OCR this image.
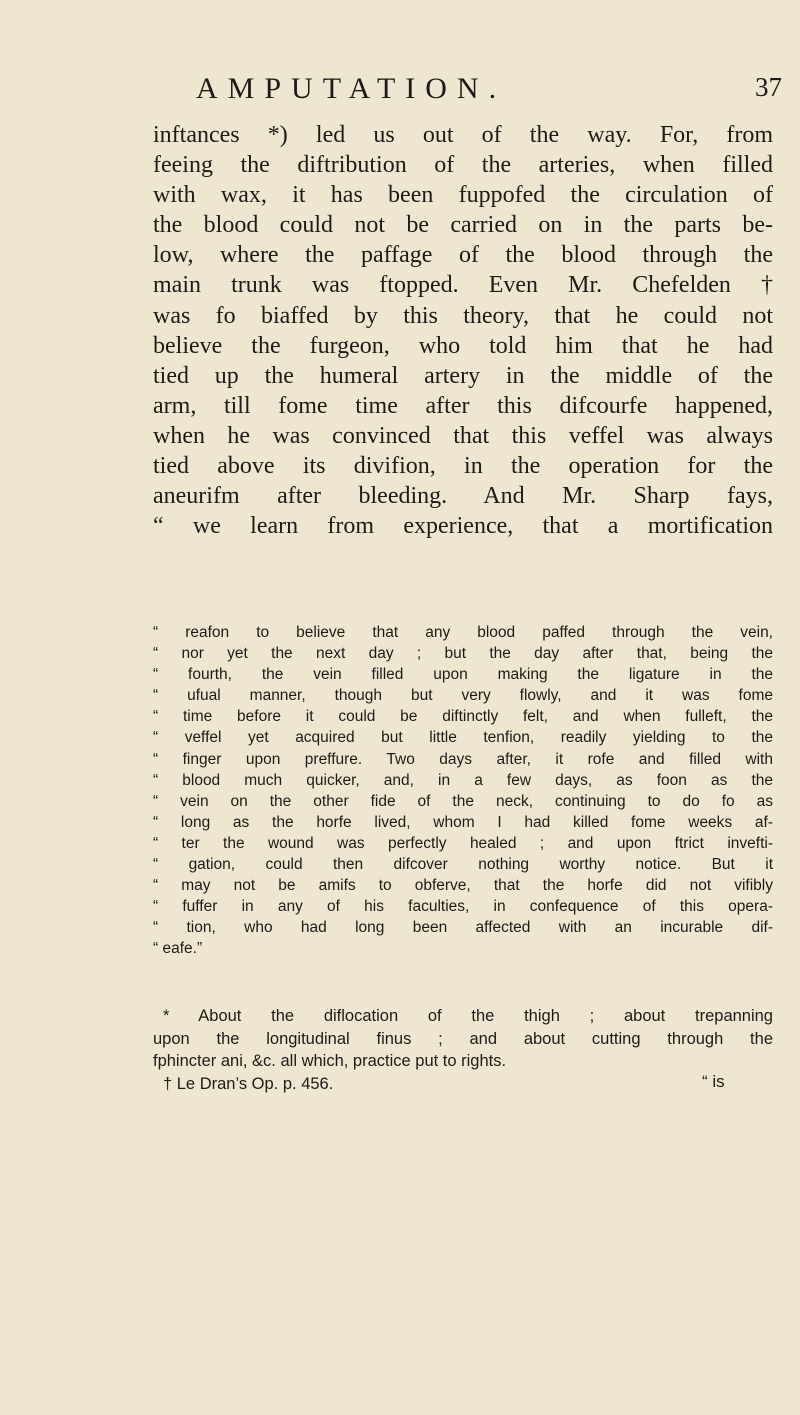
AMPUTATION.	37
inftances *) led us out of the way. For, from
feeing the diftribution of the arteries, when filled
with wax, it has been fuppofed the circulation of
the blood could not be carried on in the parts be-
low, where the paffage of the blood through the
main trunk was ftopped. Even Mr. Chefelden †
was fo biaffed by this theory, that he could not
believe the furgeon, who told him that he had
tied up the humeral artery in the middle of the
arm, till fome time after this difcourfe happened,
when he was convinced that this veffel was always
tied above its divifion, in the operation for the
aneurifm after bleeding. And Mr. Sharp fays,
“ we learn from experience, that a mortification
“ reafon to believe that any blood paffed through the vein,
“ nor yet the next day ; but the day after that, being the
“ fourth, the vein filled upon making the ligature in the
“ ufual manner, though but very flowly, and it was fome
“ time before it could be diftinctly felt, and when fulleft, the
“ veffel yet acquired but little tenfion, readily yielding to the
“ finger upon preffure. Two days after, it rofe and filled with
“ blood much quicker, and, in a few days, as foon as the
“ vein on the other fide of the neck, continuing to do fo as
“ long as the horfe lived, whom I had killed fome weeks af-
“ ter the wound was perfectly healed ; and upon ftrict invefti-
“ gation, could then difcover nothing worthy notice. But it
“ may not be amifs to obferve, that the horfe did not vifibly
“ fuffer in any of his faculties, in confequence of this opera-
“ tion, who had long been affected with an incurable dif-
“ eafe.”
* About the diflocation of the thigh ; about trepanning
upon the longitudinal finus ; and about cutting through the
fphincter ani, &c. all which, practice put to rights.
† Le Dran’s Op. p. 456.	“ is
